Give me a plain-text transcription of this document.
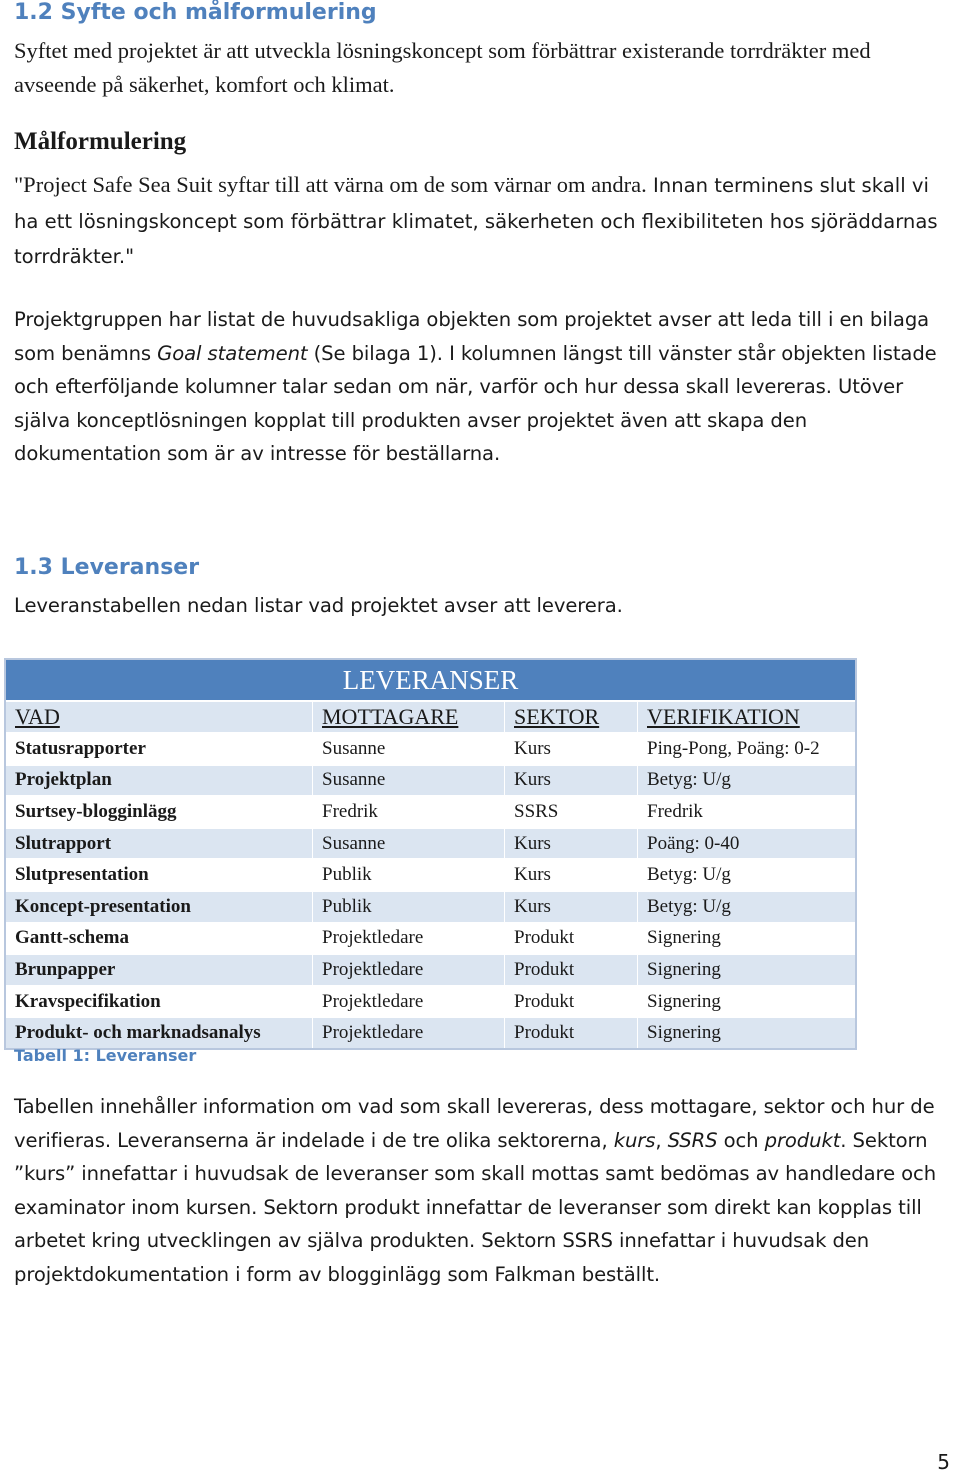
1.2 Syfte och målformulering

Syftet med projektet är att utveckla lösningskoncept som förbättrar existerande torrdräkter med avseende på säkerhet, komfort och klimat.

Målformulering

"Project Safe Sea Suit syftar till att värna om de som värnar om andra. Innan terminens slut skall vi ha ett lösningskoncept som förbättrar klimatet, säkerheten och flexibiliteten hos sjöräddarnas torrdräkter."

Projektgruppen har listat de huvudsakliga objekten som projektet avser att leda till i en bilaga som benämns Goal statement (Se bilaga 1). I kolumnen längst till vänster står objekten listade och efterföljande kolumner talar sedan om när, varför och hur dessa skall levereras. Utöver själva konceptlösningen kopplat till produkten avser projektet även att skapa den dokumentation som är av intresse för beställarna.

1.3 Leveranser

Leveranstabellen nedan listar vad projektet avser att leverera.

LEVERANSER
VAD	MOTTAGARE	SEKTOR	VERIFIKATION
Statusrapporter	Susanne	Kurs	Ping-Pong, Poäng: 0-2
Projektplan	Susanne	Kurs	Betyg: U/g
Surtsey-blogginlägg	Fredrik	SSRS	Fredrik
Slutrapport	Susanne	Kurs	Poäng: 0-40
Slutpresentation	Publik	Kurs	Betyg: U/g
Koncept-presentation	Publik	Kurs	Betyg: U/g
Gantt-schema	Projektledare	Produkt	Signering
Brunpapper	Projektledare	Produkt	Signering
Kravspecifikation	Projektledare	Produkt	Signering
Produkt- och marknadsanalys	Projektledare	Produkt	Signering

Tabell 1: Leveranser

Tabellen innehåller information om vad som skall levereras, dess mottagare, sektor och hur de verifieras. Leveranserna är indelade i de tre olika sektorerna, kurs, SSRS och produkt. Sektorn ”kurs” innefattar i huvudsak de leveranser som skall mottas samt bedömas av handledare och examinator inom kursen. Sektorn produkt innefattar de leveranser som direkt kan kopplas till arbetet kring utvecklingen av själva produkten. Sektorn SSRS innefattar i huvudsak den projektdokumentation i form av blogginlägg som Falkman beställt.

5
